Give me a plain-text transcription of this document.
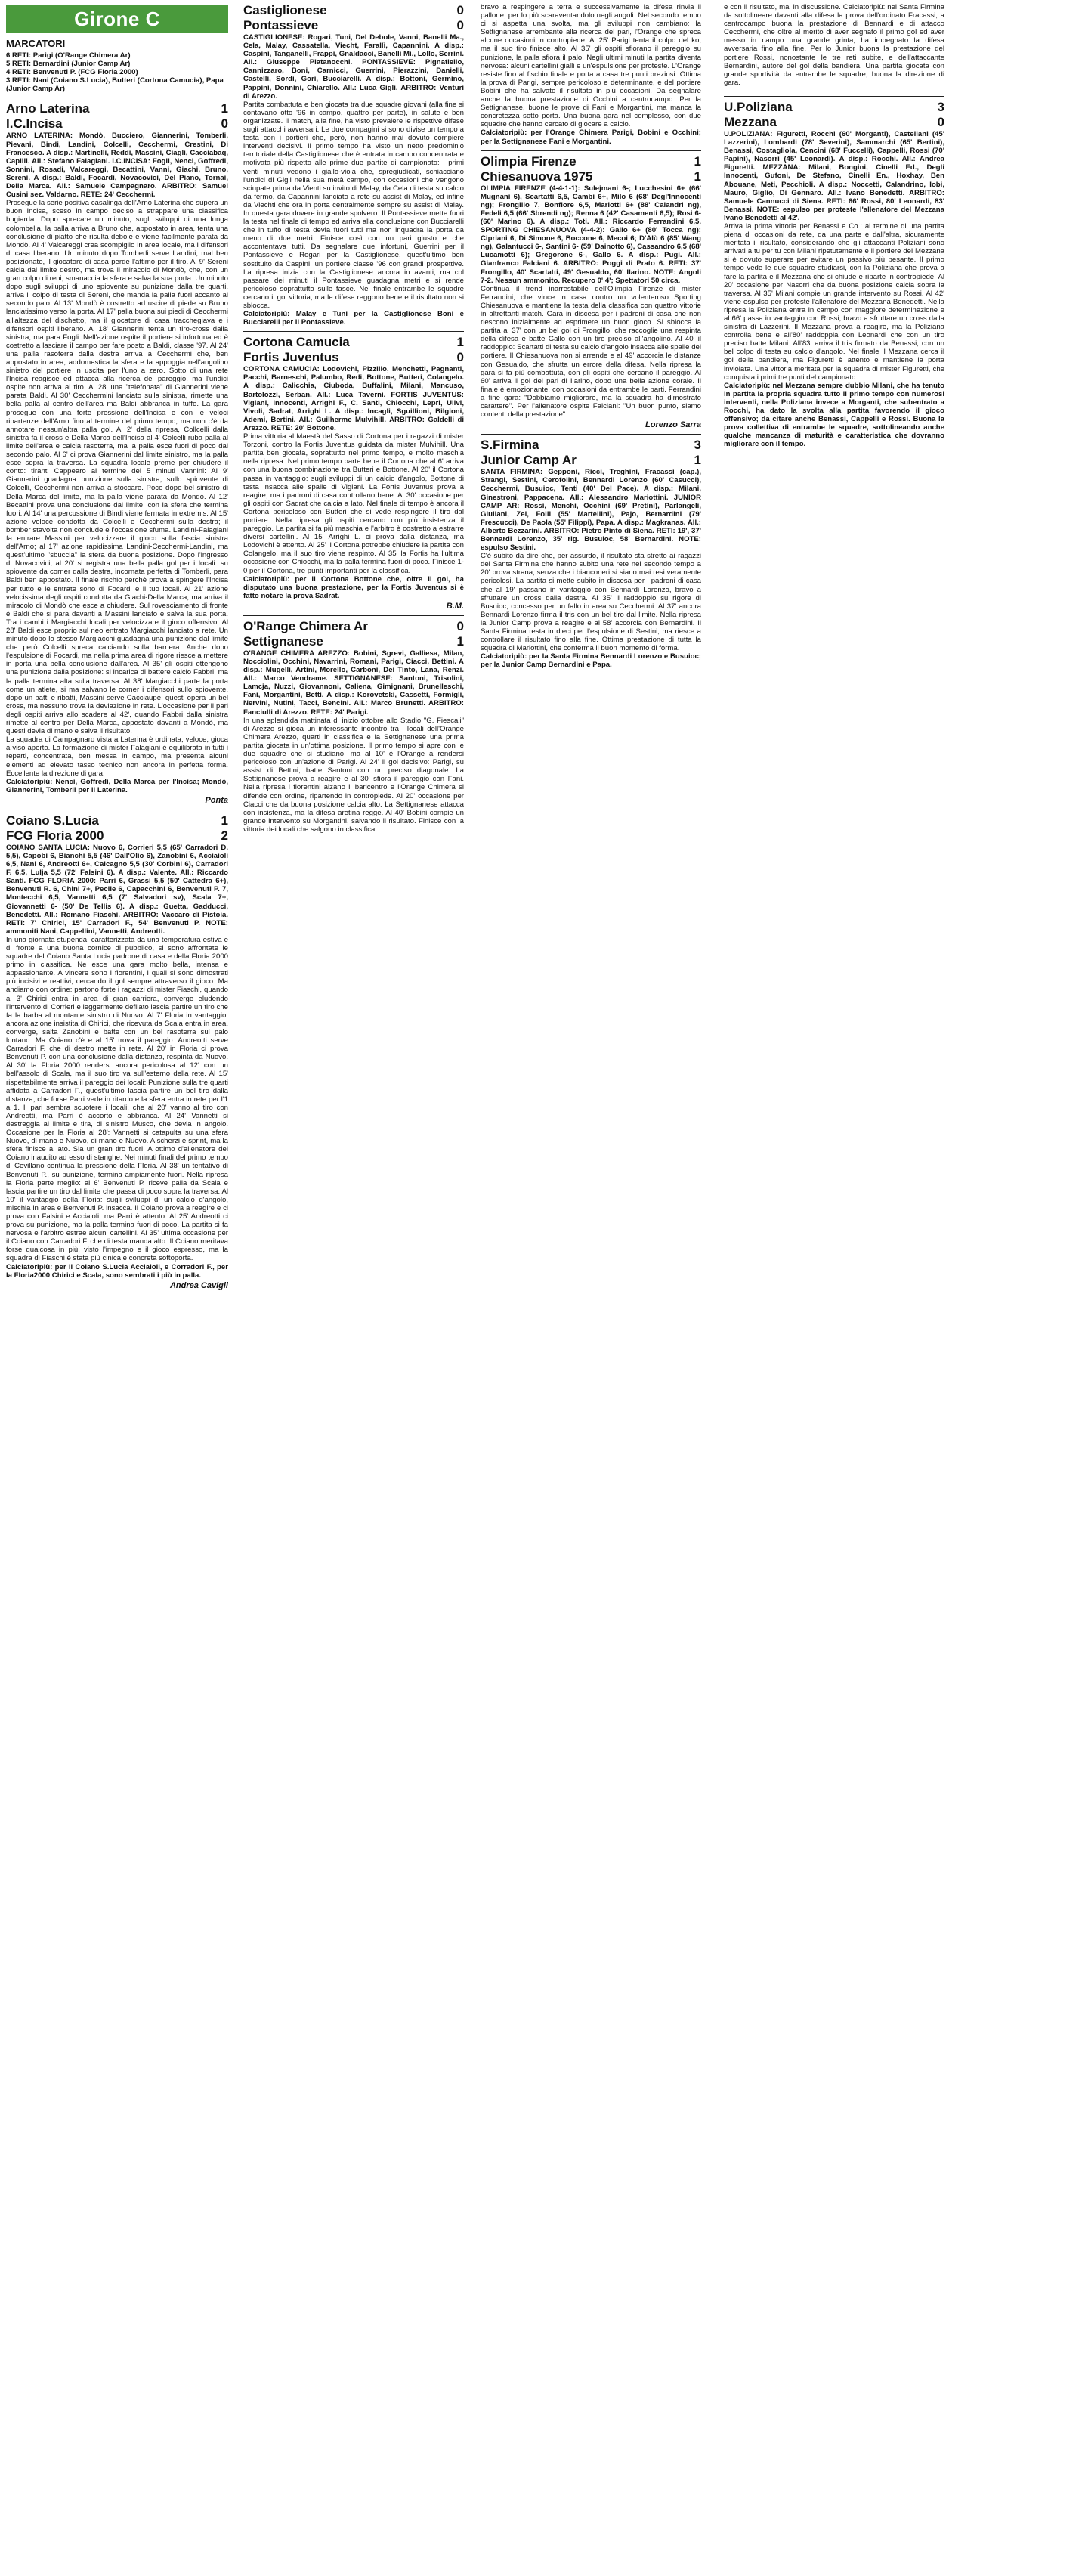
Girone C
MARCATORI

6 RETI: Parigi (O'Range Chimera Ar)

5 RETI: Bernardini (Junior Camp Ar)

4 RETI: Benvenuti P. (FCG Floria 2000)

3 RETI: Nani (Coiano S.Lucia), Butteri (Cortona Camucia), Papa (Junior Camp Ar)

Arno Laterina	1
I.C.Incisa	0

ARNO LATERINA: Mondò, Bucciero, Giannerini, Tomberli, Pievani, Bindi, Landini, Colcelli, Cecchermi, Crestini, Di Francesco. A disp.: Martinelli, Reddi, Massini, Ciagli, Cacciabaq, Capilli. All.: Stefano Falagiani. I.C.INCISA: Fogli, Nenci, Goffredi, Sonnini, Rosadi, Valcareggi, Becattini, Vanni, Giachi, Bruno, Sereni. A disp.: Baldi, Focardi, Novacovici, Del Piano, Tornai, Della Marca. All.: Samuele Campagnaro. ARBITRO: Samuel Cusini sez. Valdarno. RETE: 24' Cecchermi.

Prosegue la serie positiva casalinga dell'Arno Laterina che supera un buon Incisa, sceso in campo deciso a strappare una classifica bugiarda. Dopo sprecare un minuto, sugli sviluppi di una lunga colombella, la palla arriva a Bruno che, appostato in area, tenta una conclusione di piatto che risulta debole e viene facilmente parata da Mondò. Al 4' Valcareggi crea scompiglio in area locale, ma i difensori di casa liberano. Un minuto dopo Tomberli serve Landini, mal ben posizionato, il giocatore di casa perde l'attimo per il tiro. Al 9' Sereni calcia dal limite destro, ma trova il miracolo di Mondò, che, con un gran colpo di reni, smanaccia la sfera e salva la sua porta. Un minuto dopo sugli sviluppi di uno spiovente su punizione dalla tre quarti, arriva il colpo di testa di Sereni, che manda la palla fuori accanto al secondo palo. Al 13' Mondò è costretto ad uscire di piede su Bruno lanciatissimo verso la porta. Al 17' palla buona sui piedi di Cecchermi all'altezza del dischetto, ma il giocatore di casa tracchegiava e i difensori ospiti liberano. Al 18' Giannerini tenta un tiro-cross dalla sinistra, ma para Fogli. Nell'azione ospite il portiere si infortuna ed è costretto a lasciare il campo per fare posto a Baldi, classe '97. Al 24' una palla rasoterra dalla destra arriva a Cecchermi che, ben appostato in area, addomestica la sfera e la appoggia nell'angolino sinistro del portiere in uscita per l'uno a zero. Sotto di una rete l'Incisa reagisce ed attacca alla ricerca del pareggio, ma l'undici ospite non arriva al tiro. Al 28' una "telefonata" di Giannerini viene parata Baldi. Al 30' Cecchermini lanciato sulla sinistra, rimette una bella palla al centro dell'area ma Baldi abbranca in tuffo. La gara prosegue con una forte pressione dell'Incisa e con le veloci ripartenze dell'Arno fino al termine del primo tempo, ma non c'è da annotare nessun'altra palla gol. Al 2' della ripresa, Collcelli dalla sinistra fa il cross e Della Marca dell'Incisa al 4' Colcelli ruba palla al limite dell'area e calcia rasoterra, ma la palla esce fuori di poco dal secondo palo. Al 6' ci prova Giannerini dal limite sinistro, ma la palla esce sopra la traversa. La squadra locale preme per chiudere il conto: tiranti Cappearo al termine dei 5 minuti Vannini: Al 9' Giannerini guadagna punizione sulla sinistra; sullo spiovente di Colcelli, Cecchermi non arriva a stoccare. Poco dopo bel sinistro di Della Marca del limite, ma la palla viene parata da Mondò. Al 12' Becattini prova una conclusione dal limite, con la sfera che termina fuori. Al 14' una percussione di Bindi viene fermata in extremis. Al 15' azione veloce condotta da Colcelli e Cecchermi sulla destra; il bomber stavolta non conclude e l'occasione sfuma. Landini-Falagiani fa entrare Massini per velocizzare il gioco sulla fascia sinistra dell'Arno; al 17' azione rapidissima Landini-Cecchermi-Landini, ma quest'ultimo "sbuccia" la sfera da buona posizione. Dopo l'ingresso di Novacovici, al 20' si registra una bella palla gol per i locali: su spiovente da corner dalla destra, incornata perfetta di Tomberli, para Baldi ben appostato. Il finale rischio perché prova a spingere l'Incisa per tutto e le entrate sono di Focardi e il tuo locali. Al 21' azione velocissima degli ospiti condotta da Giachi-Della Marca, ma arriva il miracolo di Mondò che esce a chiudere. Sul rovesciamento di fronte è Baldi che si para davanti a Massini lanciato e salva la sua porta. Tra i cambi i Margiacchi locali per velocizzare il gioco offensivo. Al 28' Baldi esce proprio sul neo entrato Margiacchi lanciato a rete. Un minuto dopo lo stesso Margiacchi guadagna una punizione dal limite che però Colcelli spreca calciando sulla barriera. Anche dopo l'espulsione di Focardi, ma nella prima area di rigore riesce a mettere in porta una bella conclusione dall'area. Al 35' gli ospiti ottengono una punizione dalla posizione: si incarica di battere calcio Fabbri, ma la palla termina alta sulla traversa. Al 38' Margiacchi parte la porta come un atlete, si ma salvano le corner i difensori sullo spiovente, dopo un batti e ribatti, Massini serve Cacciaupe; questi opera un bel cross, ma nessuno trova la deviazione in rete. L'occasione per il pari degli ospiti arriva allo scadere al 42', quando Fabbri dalla sinistra rimette al centro per Della Marca, appostato davanti a Mondò, ma questi devia di mano e salva il risultato.

La squadra di Campagnaro vista a Laterina è ordinata, veloce, gioca a viso aperto. La formazione di mister Falagiani è equilibrata in tutti i reparti, concentrata, ben messa in campo, ma presenta alcuni elementi ad elevato tasso tecnico non ancora in perfetta forma. Eccellente la direzione di gara.

Calciatoripiù: Nenci, Goffredi, Della Marca per l'Incisa; Mondò, Giannerini, Tomberli per il Laterina.

Ponta

Coiano S.Lucia	1
FCG Floria 2000	2

COIANO SANTA LUCIA: Nuovo 6, Corrieri 5,5 (65' Carradori D. 5,5), Capobi 6, Bianchi 5,5 (46' Dall'Olio 6), Zanobini 6, Acciaioli 6,5, Nani 6, Andreotti 6+, Calcagno 5,5 (30' Corbini 6), Carradori F. 6,5, Lulja 5,5 (72' Falsini 6). A disp.: Valente. All.: Riccardo Santi. FCG FLORIA 2000: Parri 6, Grassi 5,5 (50' Cattedra 6+), Benvenuti R. 6, Chini 7+, Pecile 6, Capacchini 6, Benvenuti P. 7, Montecchi 6,5, Vannetti 6,5 (7' Salvadori sv), Scala 7+, Giovannetti 6- (50' De Tellis 6). A disp.: Guetta, Gadducci, Benedetti. All.: Romano Fiaschi. ARBITRO: Vaccaro di Pistoia. RETI: 7' Chirici, 15' Carradori F., 54' Benvenuti P. NOTE: ammoniti Nani, Cappellini, Vannetti, Andreotti.

In una giornata stupenda, caratterizzata da una temperatura estiva e di fronte a una buona cornice di pubblico, si sono affrontate le squadre del Coiano Santa Lucia padrone di casa e della Floria 2000 primo in classifica. Ne esce una gara molto bella, intensa e appassionante. A vincere sono i fiorentini, i quali si sono dimostrati più incisivi e reattivi, cercando il gol sempre attraverso il gioco. Ma andiamo con ordine: partono forte i ragazzi di mister Fiaschi, quando al 3' Chirici entra in area di gran carriera, converge eludendo l'intervento di Corrieri e leggermente defilato lascia partire un tiro che fa la barba al montante sinistro di Nuovo. Al 7' Floria in vantaggio: ancora azione insistita di Chirici, che ricevuta da Scala entra in area, converge, salta Zanobini e batte con un bel rasoterra sul palo lontano. Ma Coiano c'è e al 15' trova il pareggio: Andreotti serve Carradori F. che di destro mette in rete. Al 20' in Floria ci prova Benvenuti P. con una conclusione dalla distanza, respinta da Nuovo. Al 30' la Floria 2000 rendersi ancora pericolosa al 12' con un bell'assolo di Scala, ma il suo tiro va sull'esterno della rete. Al 15' rispettabilmente arriva il pareggio dei locali: Punizione sulla tre quarti affidata a Carradori F., quest'ultimo lascia partire un bel tiro dalla distanza, che forse Parri vede in ritardo e la sfera entra in rete per l'1 a 1. Il pari sembra scuotere i locali, che al 20' vanno al tiro con Andreotti, ma Parri è accorto e abbranca. Al 24' Vannetti si destreggia al limite e tira, di sinistro Musco, che devia in angolo. Occasione per la Floria al 28': Vannetti si catapulta su una sfera Nuovo, di mano e Nuovo, di mano e Nuovo. A scherzi e sprint, ma la sfera finisce a lato. Sia un gran tiro fuori. A ottimo d'allenatore del Coiano inaudito ad esso di stanghe. Nei minuti finali del primo tempo di Cevillano continua la pressione della Floria. Al 38' un tentativo di Benvenuti P., su punizione, termina ampiamente fuori. Nella ripresa la Floria parte meglio: al 6' Benvenuti P. riceve palla da Scala e lascia partire un tiro dal limite che passa di poco sopra la traversa. Al 10' il vantaggio della Floria: sugli sviluppi di un calcio d'angolo, mischia in area e Benvenuti P. insacca. Il Coiano prova a reagire e ci prova con Falsini e Acciaioli, ma Parri è attento. Al 25' Andreotti ci prova su punizione, ma la palla termina fuori di poco. La partita si fa nervosa e l'arbitro estrae alcuni cartellini. Al 35' ultima occasione per il Coiano con Carradori F. che di testa manda alto. Il Coiano meritava forse qualcosa in più, visto l'impegno e il gioco espresso, ma la squadra di Fiaschi è stata più cinica e concreta sottoporta.

Calciatoripiù: per il Coiano S.Lucia Acciaioli, e Corradori F., per la Floria2000 Chirici e Scala, sono sembrati i più in palla.

Andrea Cavigli

Castiglionese	0
Pontassieve	0

CASTIGLIONESE: Rogari, Tuni, Del Debole, Vanni, Banelli Ma., Cela, Malay, Cassatella, Viecht, Farallì, Capannini. A disp.: Caspini, Tanganelli, Frappi, Gnaldacci, Banelli Mi., Lollo, Serrini. All.: Giuseppe Platanocchi. PONTASSIEVE: Pignatiello, Cannizzaro, Boni, Carnicci, Guerrini, Pierazzini, Danielli, Castelli, Sordi, Gori, Bucciarelli. A disp.: Bottoni, Germino, Pappini, Donnini, Chiarello. All.: Luca Gigli. ARBITRO: Venturi di Arezzo.

Partita combattuta e ben giocata tra due squadre giovani (alla fine si contavano otto '96 in campo, quattro per parte), in salute e ben organizzate. Il match, alla fine, ha visto prevalere le rispettive difese sugli attacchi avversari. Le due compagini si sono divise un tempo a testa con i portieri che, però, non hanno mai dovuto compiere interventi decisivi. Il primo tempo ha visto un netto predominio territoriale della Castiglionese che è entrata in campo concentrata e motivata più rispetto alle prime due partite di campionato: i primi venti minuti vedono i giallo-viola che, spregiudicati, schiacciano l'undici di Gigli nella sua metà campo, con occasioni che vengono sciupate prima da Vienti su invito di Malay, da Cela di testa su calcio da fermo, da Capannini lanciato a rete su assist di Malay, ed infine da Viechti che ora in porta centralmente sempre su assist di Malay. In questa gara dovere in grande spolvero. Il Pontassieve mette fuori la testa nel finale di tempo ed arriva alla conclusione con Bucciarelli che in tuffo di testa devia fuori tutti ma non inquadra la porta da meno di due metri. Finisce così con un pari giusto e che accontentava tutti. Da segnalare due infortuni, Guerrini per il Pontassieve e Rogari per la Castiglionese, quest'ultimo ben sostituito da Caspini, un portiere classe '96 con grandi prospettive. La ripresa inizia con la Castiglionese ancora in avanti, ma col passare dei minuti il Pontassieve guadagna metri e si rende pericoloso soprattutto sulle fasce. Nel finale entrambe le squadre cercano il gol vittoria, ma le difese reggono bene e il risultato non si sblocca.

Calciatoripiù: Malay e Tuni per la Castiglionese Boni e Bucciarelli per il Pontassieve.

Cortona Camucia	1
Fortis Juventus	0

CORTONA CAMUCIA: Lodovichi, Pizzillo, Menchetti, Pagnanti, Pacchi, Barneschi, Palumbo, Redi, Bottone, Butteri, Colangelo. A disp.: Calicchia, Ciuboda, Buffalini, Milani, Mancuso, Bartolozzi, Serban. All.: Luca Taverni. FORTIS JUVENTUS: Vigiani, Innocenti, Arrighi F., C. Santi, Chiocchi, Lepri, Ulivi, Vivoli, Sadrat, Arrighi L. A disp.: Incagli, Sguillioni, Bilgioni, Ademi, Bertini. All.: Guilherme Mulvihill. ARBITRO: Galdelli di Arezzo. RETE: 20' Bottone.

Prima vittoria al Maestà del Sasso di Cortona per i ragazzi di mister Torzoni, contro la Fortis Juventus guidata da mister Mulvihill. Una partita ben giocata, soprattutto nel primo tempo, e molto maschia nella ripresa. Nel primo tempo parte bene il Cortona che al 6' arriva con una buona combinazione tra Butteri e Bottone. Al 20' il Cortona passa in vantaggio: sugli sviluppi di un calcio d'angolo, Bottone di testa insacca alle spalle di Vigiani. La Fortis Juventus prova a reagire, ma i padroni di casa controllano bene. Al 30' occasione per gli ospiti con Sadrat che calcia a lato. Nel finale di tempo è ancora il Cortona pericoloso con Butteri che si vede respingere il tiro dal portiere. Nella ripresa gli ospiti cercano con più insistenza il pareggio. La partita si fa più maschia e l'arbitro è costretto a estrarre diversi cartellini. Al 15' Arrighi L. ci prova dalla distanza, ma Lodovichi è attento. Al 25' il Cortona potrebbe chiudere la partita con Colangelo, ma il suo tiro viene respinto. Al 35' la Fortis ha l'ultima occasione con Chiocchi, ma la palla termina fuori di poco. Finisce 1-0 per il Cortona, tre punti importanti per la classifica.

Calciatoripiù: per il Cortona Bottone che, oltre il gol, ha disputato una buona prestazione, per la Fortis Juventus si è fatto notare la prova Sadrat.

B.M.

O'Range Chimera Ar	0
Settignanese	1

O'RANGE CHIMERA AREZZO: Bobini, Sgrevi, Galliesa, Milan, Nocciolini, Occhini, Navarrini, Romani, Parigi, Ciacci, Bettini. A disp.: Mugelli, Artini, Morello, Carboni, Dei Tinto, Lana, Renzi. All.: Marco Vendrame. SETTIGNANESE: Santoni, Trisolini, Lamcja, Nuzzi, Giovannoni, Caliena, Gimignani, Brunelleschi, Fani, Morgantini, Betti. A disp.: Korovetski, Cassetti, Formigli, Nervini, Nutini, Tacci, Bencini. All.: Marco Brunetti. ARBITRO: Fanciulli di Arezzo. RETE: 24' Parigi.

In una splendida mattinata di inizio ottobre allo Stadio "G. Fiescali" di Arezzo si gioca un interessante incontro tra i locali dell'Orange Chimera Arezzo, quarti in classifica e la Settignanese una prima partita giocata in un'ottima posizione. Il primo tempo si apre con le due squadre che si studiano, ma al 10' è l'Orange a rendersi pericoloso con un'azione di Parigi. Al 24' il gol decisivo: Parigi, su assist di Bettini, batte Santoni con un preciso diagonale. La Settignanese prova a reagire e al 30' sfiora il pareggio con Fani. Nella ripresa i fiorentini alzano il baricentro e l'Orange Chimera si difende con ordine, ripartendo in contropiede. Al 20' occasione per Ciacci che da buona posizione calcia alto. La Settignanese attacca con insistenza, ma la difesa aretina regge. Al 40' Bobini compie un grande intervento su Morgantini, salvando il risultato. Finisce con la vittoria dei locali che salgono in classifica.

bravo a respingere a terra e successivamente la difesa rinvia il pallone, per lo più scaraventandolo negli angoli. Nel secondo tempo ci si aspetta una svolta, ma gli sviluppi non cambiano: la Settignanese arrembante alla ricerca del pari, l'Orange che spreca alcune occasioni in contropiede. Al 25' Parigi tenta il colpo del ko, ma il suo tiro finisce alto. Al 35' gli ospiti sfiorano il pareggio su punizione, la palla sfiora il palo. Negli ultimi minuti la partita diventa nervosa: alcuni cartellini gialli e un'espulsione per proteste. L'Orange resiste fino al fischio finale e porta a casa tre punti preziosi. Ottima la prova di Parigi, sempre pericoloso e determinante, e del portiere Bobini che ha salvato il risultato in più occasioni. Da segnalare anche la buona prestazione di Occhini a centrocampo. Per la Settignanese, buone le prove di Fani e Morgantini, ma manca la concretezza sotto porta. Una buona gara nel complesso, con due squadre che hanno cercato di giocare a calcio.

Calciatoripiù: per l'Orange Chimera Parigi, Bobini e Occhini; per la Settignanese Fani e Morgantini.

Olimpia Firenze	1
Chiesanuova 1975	1

OLIMPIA FIRENZE (4-4-1-1): Sulejmani 6-; Lucchesini 6+ (66' Mugnani 6), Scartatti 6,5, Cambi 6+, Milo 6 (68' Degl'Innocenti ng); Frongillo 7, Bonfiore 6,5, Mariotti 6+ (88' Calandri ng), Fedeli 6,5 (66' Sbrendi ng); Renna 6 (42' Casamenti 6,5); Rosi 6- (60' Marino 6). A disp.: Toti. All.: Riccardo Ferrandini 6,5. SPORTING CHIESANUOVA (4-4-2): Gallo 6+ (80' Tocca ng); Cipriani 6, Di Simone 6, Boccone 6, Mecoi 6; D'Alù 6 (85' Wang ng), Galantucci 6-, Santini 6- (59' Dainotto 6), Cassandro 6,5 (68' Lucamotti 6); Gregorone 6-, Gallo 6. A disp.: Pugi. All.: Gianfranco Falciani 6. ARBITRO: Poggi di Prato 6. RETI: 37' Frongillo, 40' Scartatti, 49' Gesualdo, 60' Ilarino. NOTE: Angoli 7-2. Nessun ammonito. Recupero 0' 4'; Spettatori 50 circa.

Continua il trend inarrestabile dell'Olimpia Firenze di mister Ferrandini, che vince in casa contro un volenteroso Sporting Chiesanuova e mantiene la testa della classifica con quattro vittorie in altrettanti match. Gara in discesa per i padroni di casa che non riescono inizialmente ad esprimere un buon gioco. Si sblocca la partita al 37' con un bel gol di Frongillo, che raccoglie una respinta della difesa e batte Gallo con un tiro preciso all'angolino. Al 40' il raddoppio: Scartatti di testa su calcio d'angolo insacca alle spalle del portiere. Il Chiesanuova non si arrende e al 49' accorcia le distanze con Gesualdo, che sfrutta un errore della difesa. Nella ripresa la gara si fa più combattuta, con gli ospiti che cercano il pareggio. Al 60' arriva il gol del pari di Ilarino, dopo una bella azione corale. Il finale è emozionante, con occasioni da entrambe le parti. Ferrandini a fine gara: "Dobbiamo migliorare, ma la squadra ha dimostrato carattere". Per l'allenatore ospite Falciani: "Un buon punto, siamo contenti della prestazione".

Lorenzo Sarra

S.Firmina	3
Junior Camp Ar	1

SANTA FIRMINA: Gepponi, Ricci, Treghini, Fracassi (cap.), Strangi, Sestini, Cerofolini, Bennardi Lorenzo (60' Casucci), Cecchermi, Busuioc, Tenti (40' Del Pace). A disp.: Milani, Ginestroni, Pappacena. All.: Alessandro Mariottini. JUNIOR CAMP AR: Rossi, Menchi, Occhini (69' Pretini), Parlangeli, Giuliani, Zei, Folli (55' Martellini), Pajo, Bernardini (79' Frescucci), De Paola (55' Filippi), Papa. A disp.: Magkranas. All.: Alberto Bezzarini. ARBITRO: Pietro Pinto di Siena. RETI: 19', 37' Bennardi Lorenzo, 35' rig. Busuioc, 58' Bernardini. NOTE: espulso Sestini.

C'è subito da dire che, per assurdo, il risultato sta stretto ai ragazzi del Santa Firmina che hanno subito una rete nel secondo tempo a 20' prova strana, senza che i bianconeri si siano mai resi veramente pericolosi. La partita si mette subito in discesa per i padroni di casa che al 19' passano in vantaggio con Bennardi Lorenzo, bravo a sfruttare un cross dalla destra. Al 35' il raddoppio su rigore di Busuioc, concesso per un fallo in area su Cecchermi. Al 37' ancora Bennardi Lorenzo firma il tris con un bel tiro dal limite. Nella ripresa la Junior Camp prova a reagire e al 58' accorcia con Bernardini. Il Santa Firmina resta in dieci per l'espulsione di Sestini, ma riesce a controllare il risultato fino alla fine. Ottima prestazione di tutta la squadra di Mariottini, che conferma il buon momento di forma.

Calciatoripiù: per la Santa Firmina Bennardi Lorenzo e Busuioc; per la Junior Camp Bernardini e Papa.

e con il risultato, mai in discussione. Calciatoripiù: nel Santa Firmina da sottolineare davanti alla difesa la prova dell'ordinato Fracassi, a centrocampo buona la prestazione di Bennardi e di attacco Cecchermi, che oltre al merito di aver segnato il primo gol ed aver messo in campo una grande grinta, ha impegnato la difesa avversaria fino alla fine. Per lo Junior buona la prestazione del portiere Rossi, nonostante le tre reti subite, e dell'attaccante Bernardini, autore del gol della bandiera. Una partita giocata con grande sportività da entrambe le squadre, buona la direzione di gara.

U.Poliziana	3
Mezzana	0

U.POLIZIANA: Figuretti, Rocchi (60' Morganti), Castellani (45' Lazzerini), Lombardi (78' Severini), Sammarchi (65' Bertini), Benassi, Costagliola, Cencini (68' Fuccelli), Cappelli, Rossi (70' Papini), Nasorri (45' Leonardi). A disp.: Rocchi. All.: Andrea Figuretti. MEZZANA: Milani, Bongini, Cinelli Ed., Degli Innocenti, Gufoni, De Stefano, Cinelli En., Hoxhay, Ben Abouane, Meti, Pecchioli. A disp.: Noccetti, Calandrino, Iobi, Mauro, Giglio, Di Gennaro. All.: Ivano Benedetti. ARBITRO: Samuele Cannucci di Siena. RETI: 66' Rossi, 80' Leonardi, 83' Benassi. NOTE: espulso per proteste l'allenatore del Mezzana Ivano Benedetti al 42'.

Arriva la prima vittoria per Benassi e Co.: al termine di una partita piena di occasioni da rete, da una parte e dall'altra, sicuramente meritata il risultato, considerando che gli attaccanti Poliziani sono arrivati a tu per tu con Milani ripetutamente e il portiere del Mezzana si è dovuto superare per evitare un passivo più pesante. Il primo tempo vede le due squadre studiarsi, con la Poliziana che prova a fare la partita e il Mezzana che si chiude e riparte in contropiede. Al 20' occasione per Nasorri che da buona posizione calcia sopra la traversa. Al 35' Milani compie un grande intervento su Rossi. Al 42' viene espulso per proteste l'allenatore del Mezzana Benedetti. Nella ripresa la Poliziana entra in campo con maggiore determinazione e al 66' passa in vantaggio con Rossi, bravo a sfruttare un cross dalla sinistra di Lazzerini. Il Mezzana prova a reagire, ma la Poliziana controlla bene e all'80' raddoppia con Leonardi che con un tiro preciso batte Milani. All'83' arriva il tris firmato da Benassi, con un bel colpo di testa su calcio d'angolo. Nel finale il Mezzana cerca il gol della bandiera, ma Figuretti è attento e mantiene la porta inviolata. Una vittoria meritata per la squadra di mister Figuretti, che conquista i primi tre punti del campionato.

Calciatoripiù: nel Mezzana sempre dubbio Milani, che ha tenuto in partita la propria squadra tutto il primo tempo con numerosi interventi, nella Poliziana invece a Morganti, che subentrato a Rocchi, ha dato la svolta alla partita favorendo il gioco offensivo; da citare anche Benassi, Cappelli e Rossi. Buona la prova collettiva di entrambe le squadre, sottolineando anche qualche mancanza di maturità e caratteristica che dovranno migliorare con il tempo.
